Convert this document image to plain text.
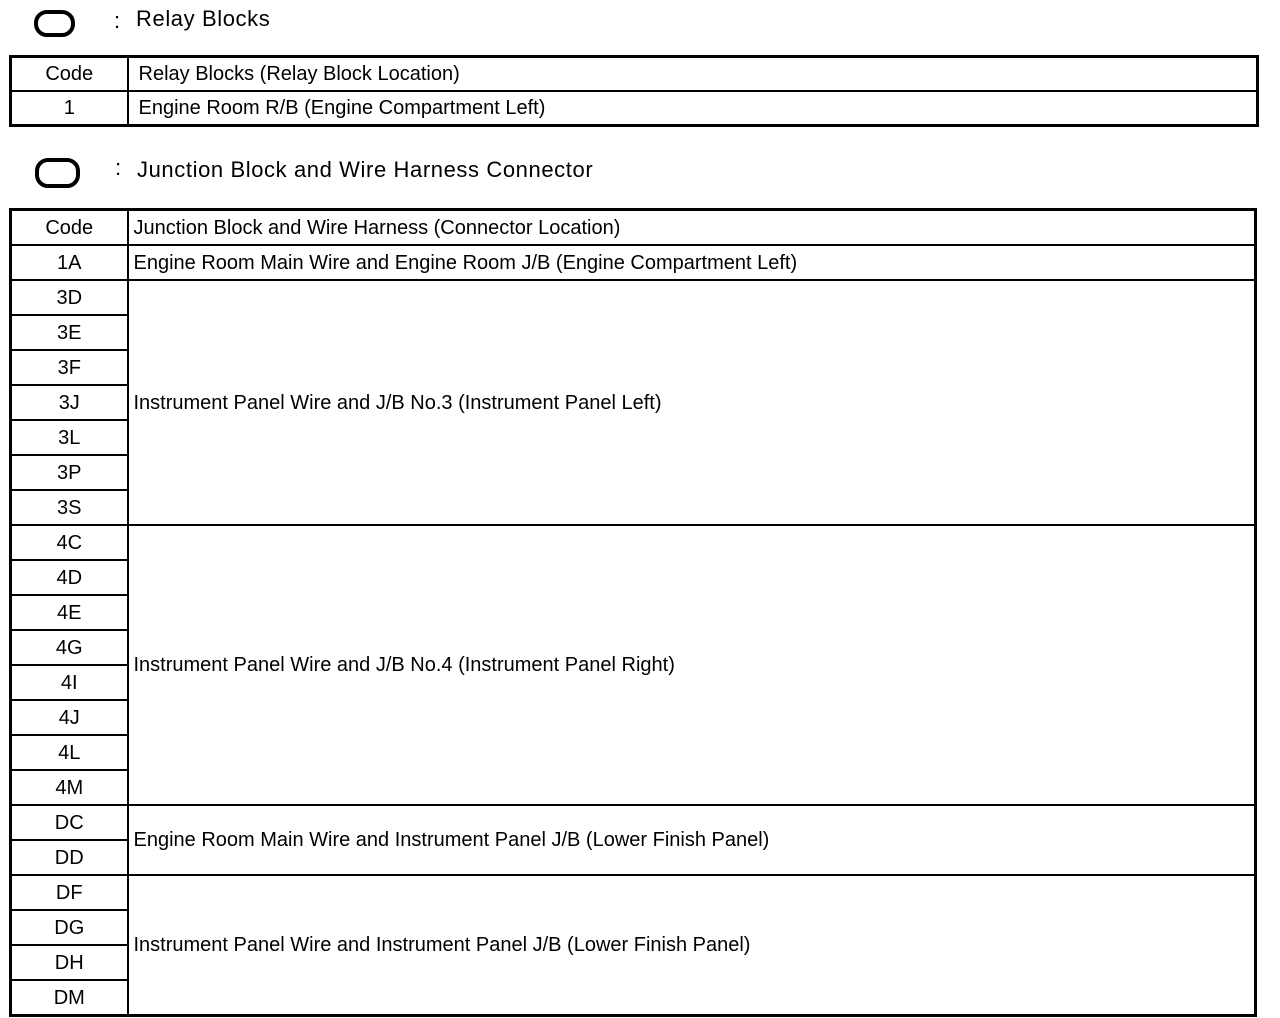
: Relay Blocks
Code	Relay Blocks (Relay Block Location)
1	Engine Room R/B (Engine Compartment Left)
: Junction Block and Wire Harness Connector
Code	Junction Block and Wire Harness (Connector Location)
1A	Engine Room Main Wire and Engine Room J/B (Engine Compartment Left)
3D	Instrument Panel Wire and J/B No.3 (Instrument Panel Left)
3E	
3F	
3J	
3L	
3P	
3S	
4C	Instrument Panel Wire and J/B No.4 (Instrument Panel Right)
4D	
4E	
4G	
4I	
4J	
4L	
4M	
DC	Engine Room Main Wire and Instrument Panel J/B (Lower Finish Panel)
DD	
DF	Instrument Panel Wire and Instrument Panel J/B (Lower Finish Panel)
DG	
DH	
DM	
